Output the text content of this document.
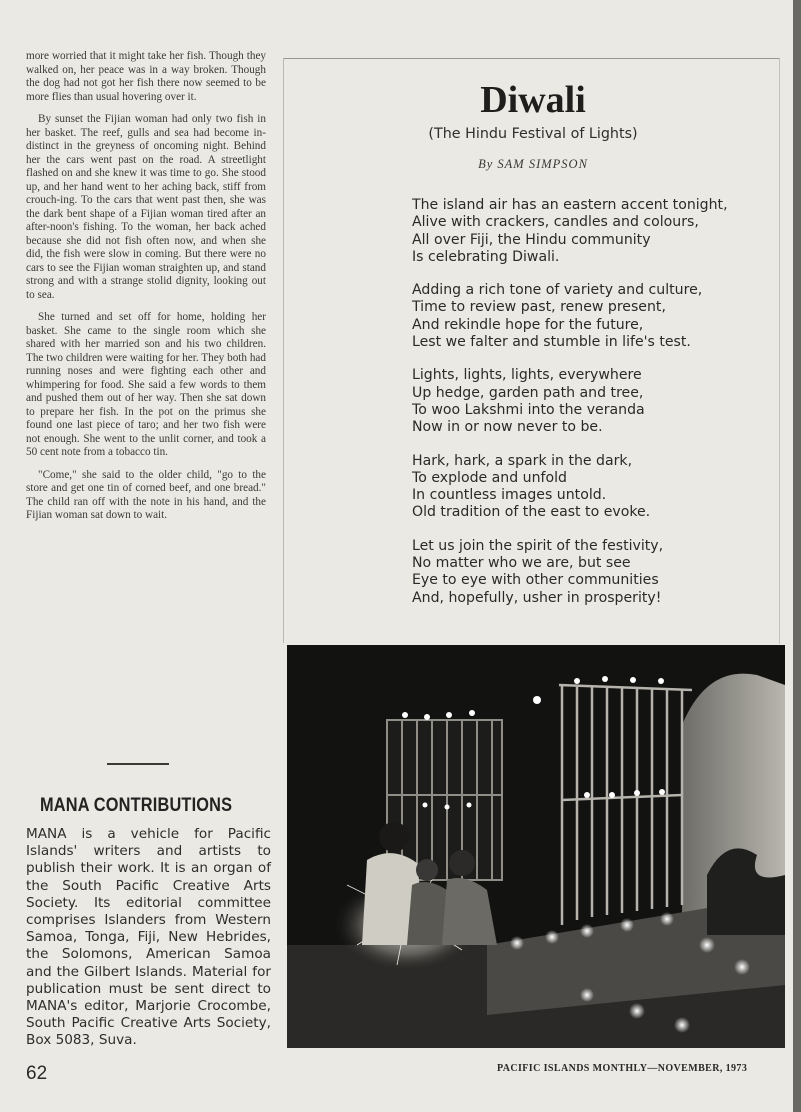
more worried that it might take her fish. Though they walked on, her peace was in a way broken. Though the dog had not got her fish there now seemed to be more flies than usual hovering over it.

By sunset the Fijian woman had only two fish in her basket. The reef, gulls and sea had become in-distinct in the greyness of oncoming night. Behind her the cars went past on the road. A streetlight flashed on and she knew it was time to go. She stood up, and her hand went to her aching back, stiff from crouch-ing. To the cars that went past then, she was the dark bent shape of a Fijian woman tired after an after-noon's fishing. To the woman, her back ached because she did not fish often now, and when she did, the fish were slow in coming. But there were no cars to see the Fijian woman straighten up, and stand strong and with a strange stolid dignity, looking out to sea.

She turned and set off for home, holding her basket. She came to the single room which she shared with her married son and his two children. The two children were waiting for her. They both had running noses and were fighting each other and whimpering for food. She said a few words to them and pushed them out of her way. Then she sat down to prepare her fish. In the pot on the primus she found one last piece of taro; and her two fish were not enough. She went to the unlit corner, and took a 50 cent note from a tobacco tin.

"Come," she said to the older child, "go to the store and get one tin of corned beef, and one bread." The child ran off with the note in his hand, and the Fijian woman sat down to wait.

MANA CONTRIBUTIONS

MANA is a vehicle for Pacific Islands' writers and artists to publish their work. It is an organ of the South Pacific Creative Arts Society. Its editorial committee comprises Islanders from Western Samoa, Tonga, Fiji, New Hebrides, the Solomons, American Samoa and the Gilbert Islands. Material for publication must be sent direct to MANA's editor, Marjorie Crocombe, South Pacific Creative Arts Society, Box 5083, Suva.

Diwali

(The Hindu Festival of Lights)

By SAM SIMPSON

The island air has an eastern accent tonight,
Alive with crackers, candles and colours,
All over Fiji, the Hindu community
Is celebrating Diwali.
Adding a rich tone of variety and culture,
Time to review past, renew present,
And rekindle hope for the future,
Lest we falter and stumble in life's test.
Lights, lights, lights, everywhere
Up hedge, garden path and tree,
To woo Lakshmi into the veranda
Now in or now never to be.
Hark, hark, a spark in the dark,
To explode and unfold
In countless images untold.
Old tradition of the east to evoke.
Let us join the spirit of the festivity,
No matter who we are, but see
Eye to eye with other communities
And, hopefully, usher in prosperity!
62	PACIFIC ISLANDS MONTHLY—NOVEMBER, 1973
